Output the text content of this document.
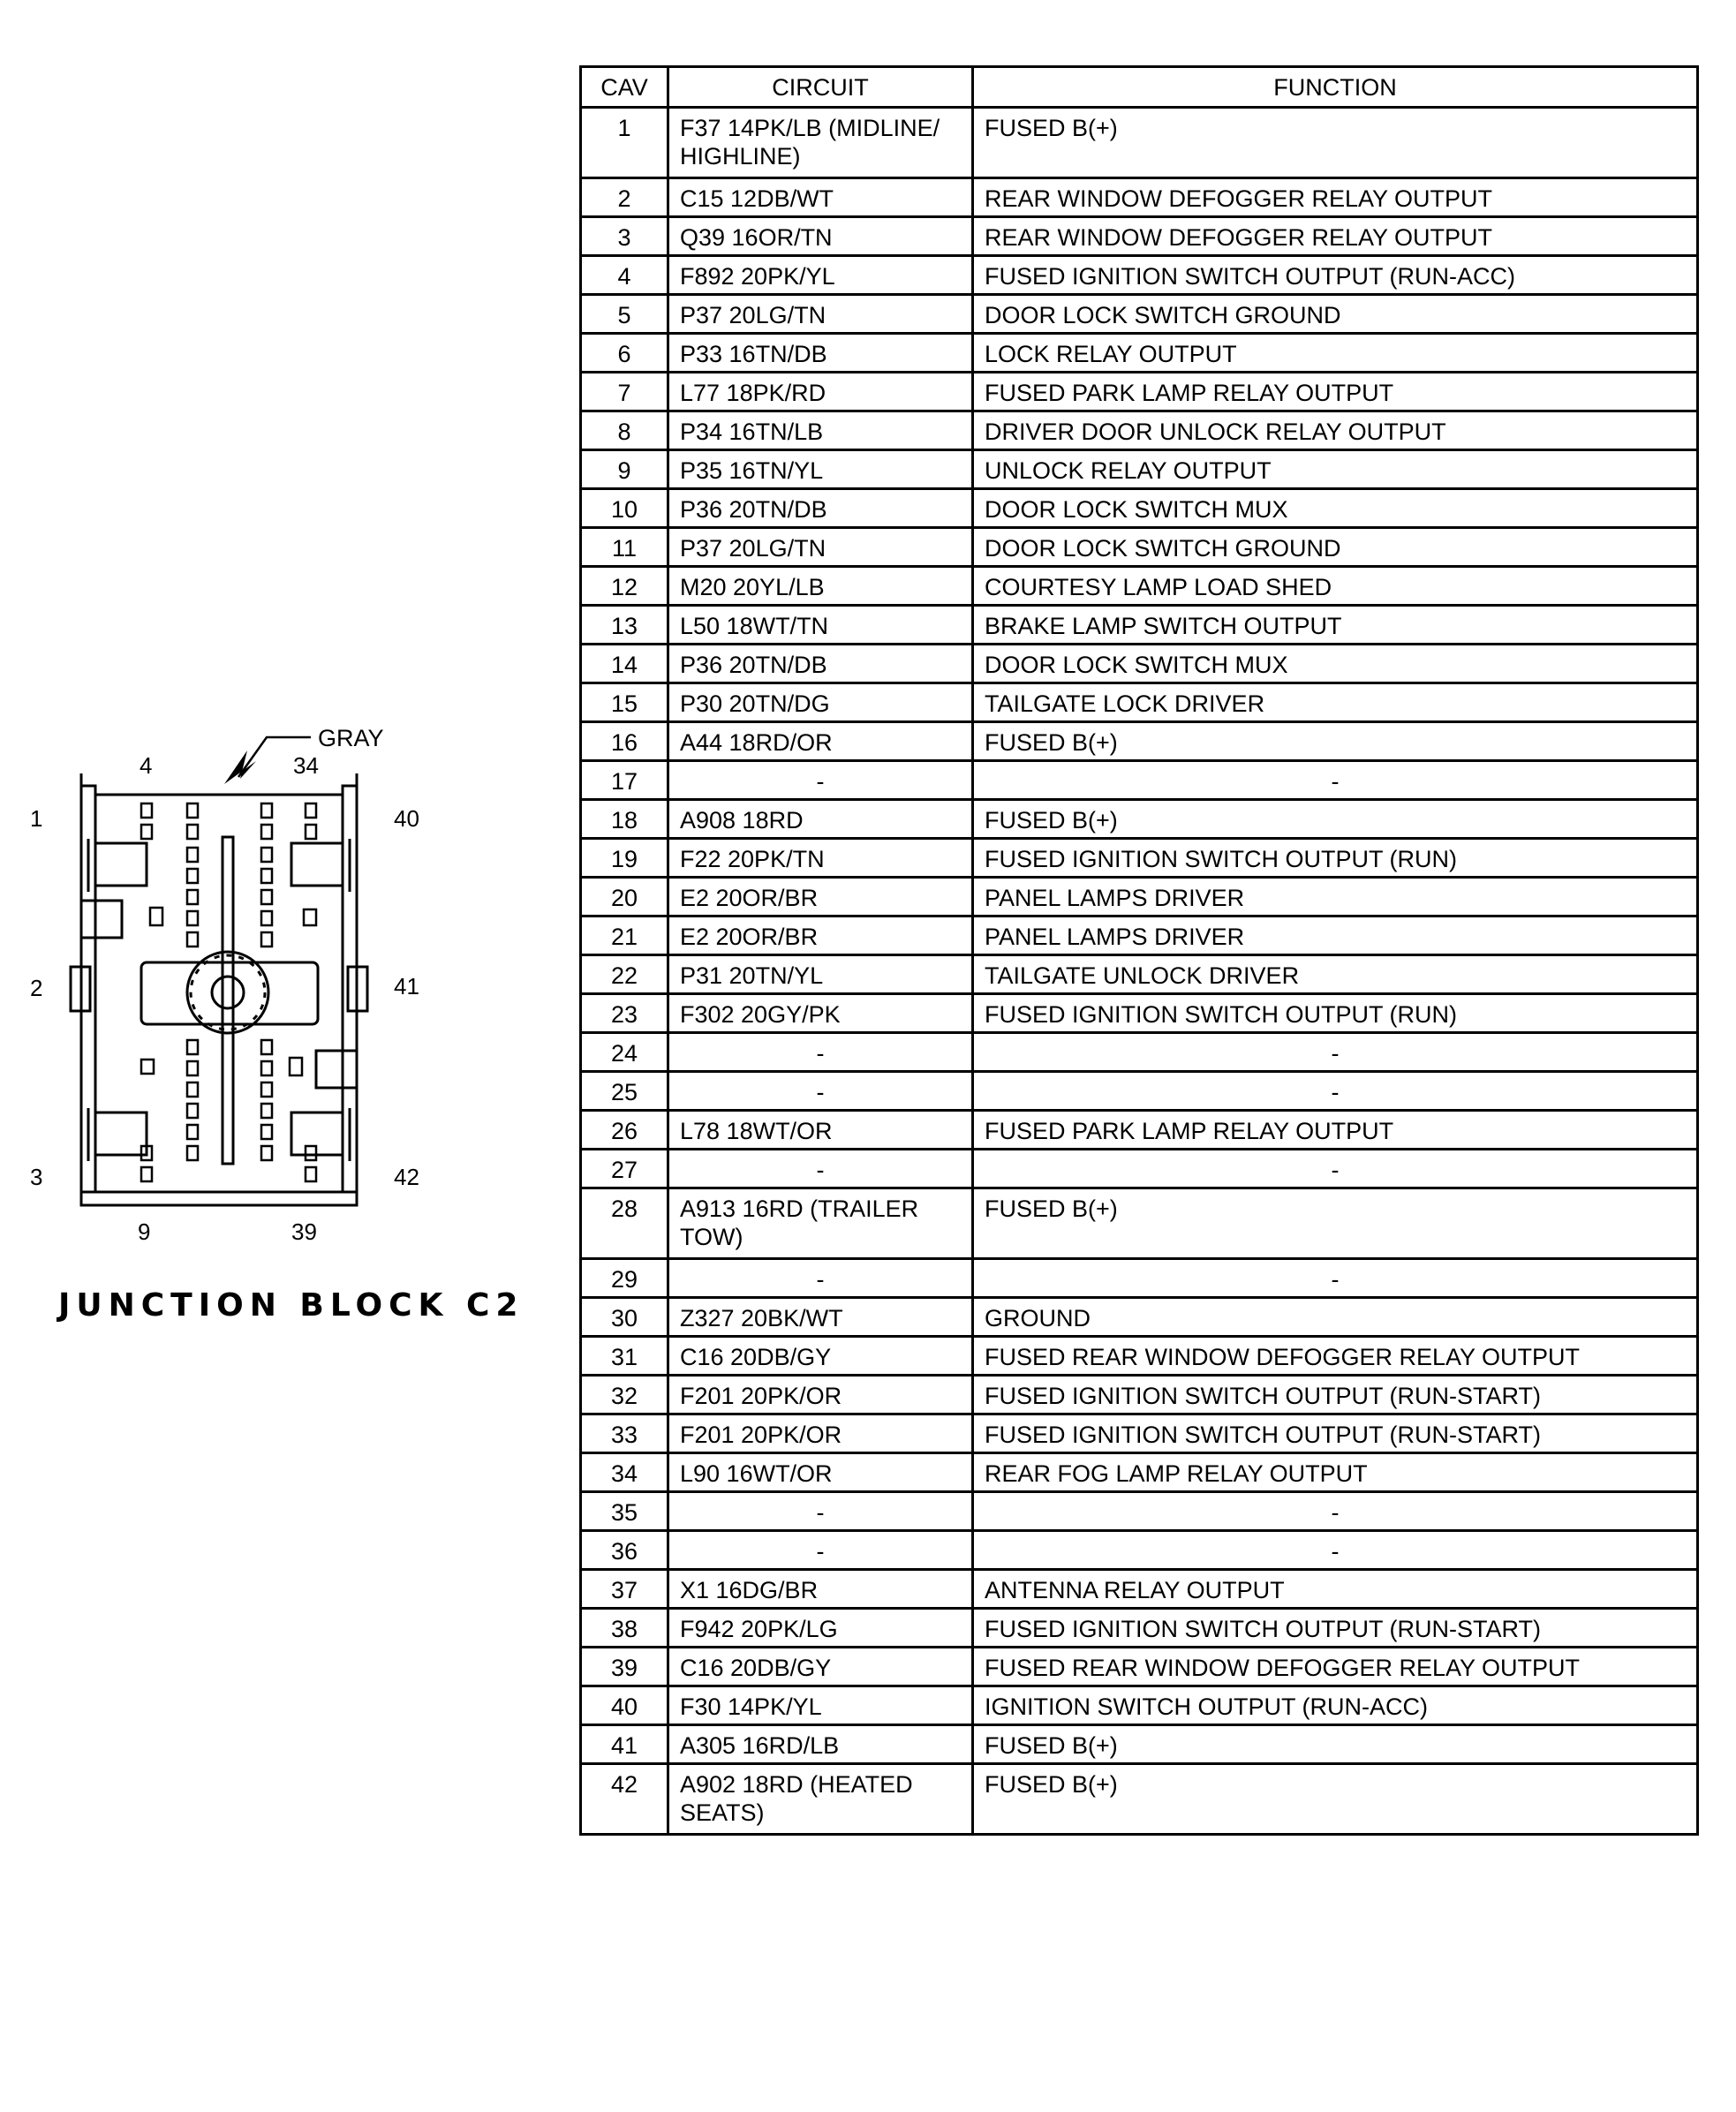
GRAY
4	34
1
2
3
40
41
42
9	39
JUNCTION BLOCK C2
CAV	CIRCUIT	FUNCTION
1	F37 14PK/LB (MIDLINE/ HIGHLINE)	FUSED B(+)
2	C15 12DB/WT	REAR WINDOW DEFOGGER RELAY OUTPUT
3	Q39 16OR/TN	REAR WINDOW DEFOGGER RELAY OUTPUT
4	F892 20PK/YL	FUSED IGNITION SWITCH OUTPUT (RUN-ACC)
5	P37 20LG/TN	DOOR LOCK SWITCH GROUND
6	P33 16TN/DB	LOCK RELAY OUTPUT
7	L77 18PK/RD	FUSED PARK LAMP RELAY OUTPUT
8	P34 16TN/LB	DRIVER DOOR UNLOCK RELAY OUTPUT
9	P35 16TN/YL	UNLOCK RELAY OUTPUT
10	P36 20TN/DB	DOOR LOCK SWITCH MUX
11	P37 20LG/TN	DOOR LOCK SWITCH GROUND
12	M20 20YL/LB	COURTESY LAMP LOAD SHED
13	L50 18WT/TN	BRAKE LAMP SWITCH OUTPUT
14	P36 20TN/DB	DOOR LOCK SWITCH MUX
15	P30 20TN/DG	TAILGATE LOCK DRIVER
16	A44 18RD/OR	FUSED B(+)
17	-	-
18	A908 18RD	FUSED B(+)
19	F22 20PK/TN	FUSED IGNITION SWITCH OUTPUT (RUN)
20	E2 20OR/BR	PANEL LAMPS DRIVER
21	E2 20OR/BR	PANEL LAMPS DRIVER
22	P31 20TN/YL	TAILGATE UNLOCK DRIVER
23	F302 20GY/PK	FUSED IGNITION SWITCH OUTPUT (RUN)
24	-	-
25	-	-
26	L78 18WT/OR	FUSED PARK LAMP RELAY OUTPUT
27	-	-
28	A913 16RD (TRAILER TOW)	FUSED B(+)
29	-	-
30	Z327 20BK/WT	GROUND
31	C16 20DB/GY	FUSED REAR WINDOW DEFOGGER RELAY OUTPUT
32	F201 20PK/OR	FUSED IGNITION SWITCH OUTPUT (RUN-START)
33	F201 20PK/OR	FUSED IGNITION SWITCH OUTPUT (RUN-START)
34	L90 16WT/OR	REAR FOG LAMP RELAY OUTPUT
35	-	-
36	-	-
37	X1 16DG/BR	ANTENNA RELAY OUTPUT
38	F942 20PK/LG	FUSED IGNITION SWITCH OUTPUT (RUN-START)
39	C16 20DB/GY	FUSED REAR WINDOW DEFOGGER RELAY OUTPUT
40	F30 14PK/YL	IGNITION SWITCH OUTPUT (RUN-ACC)
41	A305 16RD/LB	FUSED B(+)
42	A902 18RD (HEATED SEATS)	FUSED B(+)
